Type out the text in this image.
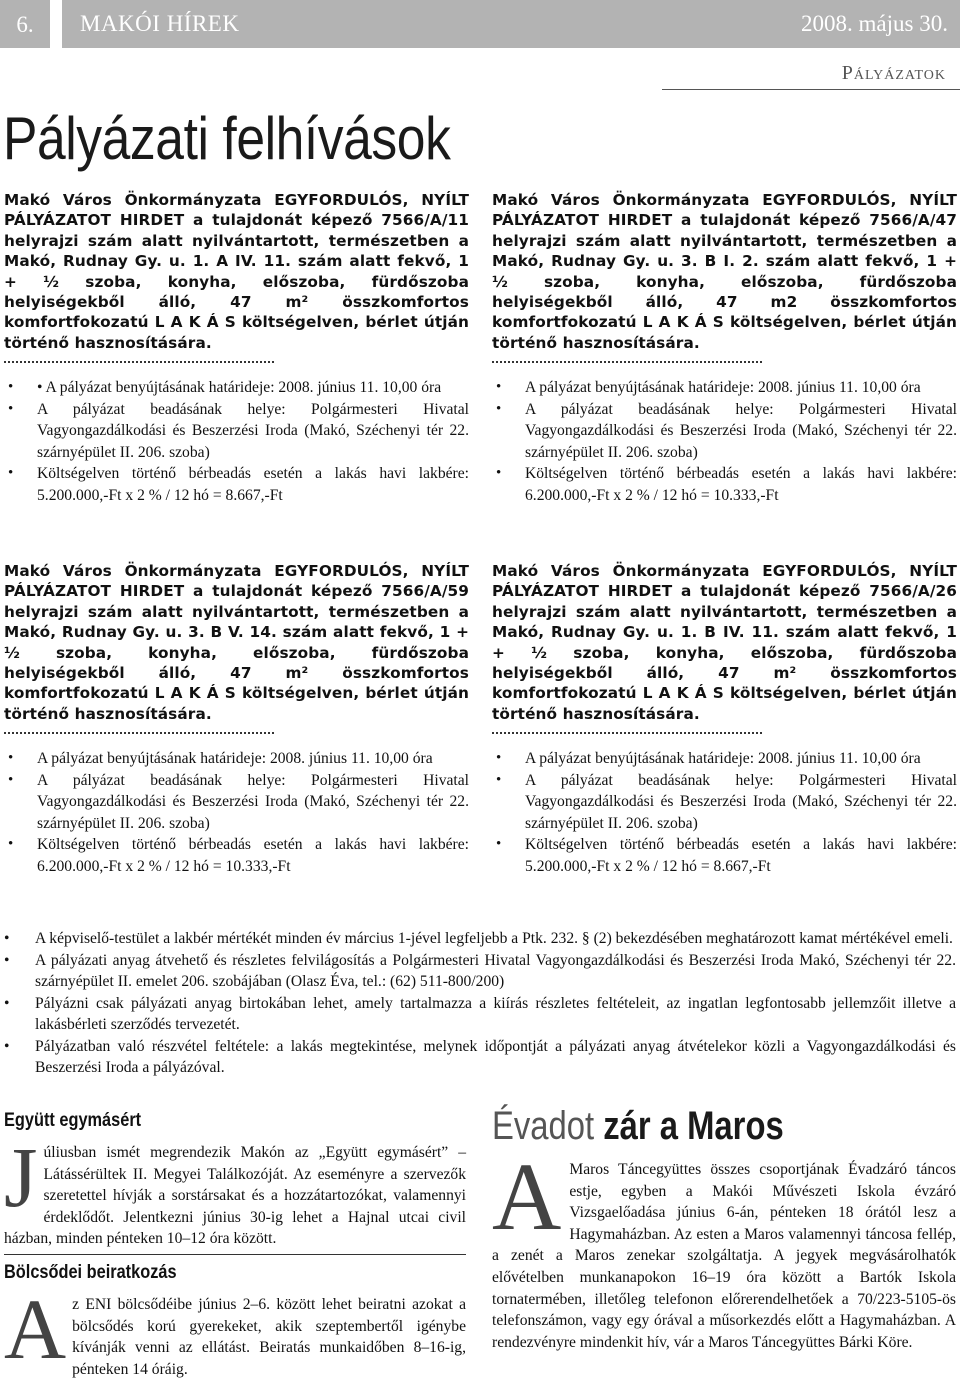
6.	MAKÓI HÍREK	2008. május 30.
Pályázatok
Pályázati felhívások
Makó Város Önkormányzata EGYFORDULÓS, NYÍLT PÁLYÁZATOT HIRDET a tulajdonát képező 7566/A/11 helyrajzi szám alatt nyilvántartott, természetben a Makó, Rudnay Gy. u. 1. A IV. 11. szám alatt fekvő, 1 + ½ szoba, konyha, előszoba, fürdőszoba helyiségekből álló, 47 m² összkomfortos komfortfokozatú L A K Á S költségelven, bérlet útján történő hasznosítására.
• • A pályázat benyújtásának határideje: 2008. június 11. 10,00 óra
• A pályázat beadásának helye: Polgármesteri Hivatal Vagyongazdálkodási és Beszerzési Iroda (Makó, Széchenyi tér 22. szárnyépület II. 206. szoba)
• Költségelven történő bérbeadás esetén a lakás havi lakbére: 5.200.000,-Ft x 2 % / 12 hó = 8.667,-Ft
Makó Város Önkormányzata EGYFORDULÓS, NYÍLT PÁLYÁZATOT HIRDET a tulajdonát képező 7566/A/47 helyrajzi szám alatt nyilvántartott, természetben a Makó, Rudnay Gy. u. 3. B I. 2. szám alatt fekvő, 1 + ½ szoba, konyha, előszoba, fürdőszoba helyiségekből álló, 47 m2 összkomfortos komfortfokozatú L A K Á S költségelven, bérlet útján történő hasznosítására.
• A pályázat benyújtásának határideje: 2008. június 11. 10,00 óra
• A pályázat beadásának helye: Polgármesteri Hivatal Vagyongazdálkodási és Beszerzési Iroda (Makó, Széchenyi tér 22. szárnyépület II. 206. szoba)
• Költségelven történő bérbeadás esetén a lakás havi lakbére: 6.200.000,-Ft x 2 % / 12 hó = 10.333,-Ft
Makó Város Önkormányzata EGYFORDULÓS, NYÍLT PÁLYÁZATOT HIRDET a tulajdonát képező 7566/A/59 helyrajzi szám alatt nyilvántartott, természetben a Makó, Rudnay Gy. u. 3. B V. 14. szám alatt fekvő, 1 + ½ szoba, konyha, előszoba, fürdőszoba helyiségekből álló, 47 m² összkomfortos komfortfokozatú L A K Á S költségelven, bérlet útján történő hasznosítására.
• A pályázat benyújtásának határideje: 2008. június 11. 10,00 óra
• A pályázat beadásának helye: Polgármesteri Hivatal Vagyongazdálkodási és Beszerzési Iroda (Makó, Széchenyi tér 22. szárnyépület II. 206. szoba)
• Költségelven történő bérbeadás esetén a lakás havi lakbére: 6.200.000,-Ft x 2 % / 12 hó = 10.333,-Ft
Makó Város Önkormányzata EGYFORDULÓS, NYÍLT PÁLYÁZATOT HIRDET a tulajdonát képező 7566/A/26 helyrajzi szám alatt nyilvántartott, természetben a Makó, Rudnay Gy. u. 1. B IV. 11. szám alatt fekvő, 1 + ½ szoba, konyha, előszoba, fürdőszoba helyiségekből álló, 47 m² összkomfortos komfortfokozatú L A K Á S költségelven, bérlet útján történő hasznosítására.
• A pályázat benyújtásának határideje: 2008. június 11. 10,00 óra
• A pályázat beadásának helye: Polgármesteri Hivatal Vagyongazdálkodási és Beszerzési Iroda (Makó, Széchenyi tér 22. szárnyépület II. 206. szoba)
• Költségelven történő bérbeadás esetén a lakás havi lakbére: 5.200.000,-Ft x 2 % / 12 hó = 8.667,-Ft
• A képviselő-testület a lakbér mértékét minden év március 1-jével legfeljebb a Ptk. 232. § (2) bekezdésében meghatározott kamat mértékével emeli.
• A pályázati anyag átvehető és részletes felvilágosítás a Polgármesteri Hivatal Vagyongazdálkodási és Beszerzési Iroda Makó, Széchenyi tér 22. szárnyépület II. emelet 206. szobájában (Olasz Éva, tel.: (62) 511-800/200)
• Pályázni csak pályázati anyag birtokában lehet, amely tartalmazza a kiírás részletes feltételeit, az ingatlan legfontosabb jellemzőit illetve a lakásbérleti szerződés tervezetét.
• Pályázatban való részvétel feltétele: a lakás megtekintése, melynek időpontját a pályázati anyag átvételekor közli a Vagyongazdálkodási és Beszerzési Iroda a pályázóval.
Együtt egymásért
Júliusban ismét megrendezik Makón az „Együtt egymásért” – Látássérültek II. Megyei Találkozóját. Az eseményre a szervezők szeretettel hívják a sorstársakat és a hozzátartozókat, valamennyi érdeklődőt. Jelentkezni június 30-ig lehet a Hajnal utcai civil házban, minden pénteken 10–12 óra között.
Bölcsődei beiratkozás
Az ENI bölcsődéibe június 2–6. között lehet beiratni azokat a bölcsődés korú gyerekeket, akik szeptembertől igénybe kívánják venni az ellátást. Beiratás munkaidőben 8–16-ig, pénteken 14 óráig.
Évadot zár a Maros
A Maros Táncegyüttes összes csoportjának Évadzáró táncos estje, egyben a Makói Művészeti Iskola évzáró Vizsgaelőadása június 6-án, pénteken 18 órától lesz a Hagymaházban. Az esten a Maros valamennyi táncosa fellép, a zenét a Maros zenekar szolgáltatja. A jegyek megvásárolhatók elővételben munkanapokon 16–19 óra között a Bartók Iskola tornatermében, illetőleg telefonon előrerendelhetőek a 70/223-5105-ös telefonszámon, vagy egy órával a műsorkezdés előtt a Hagymaházban. A rendezvényre mindenkit hív, vár a Maros Táncegyüttes Bárki Köre.
